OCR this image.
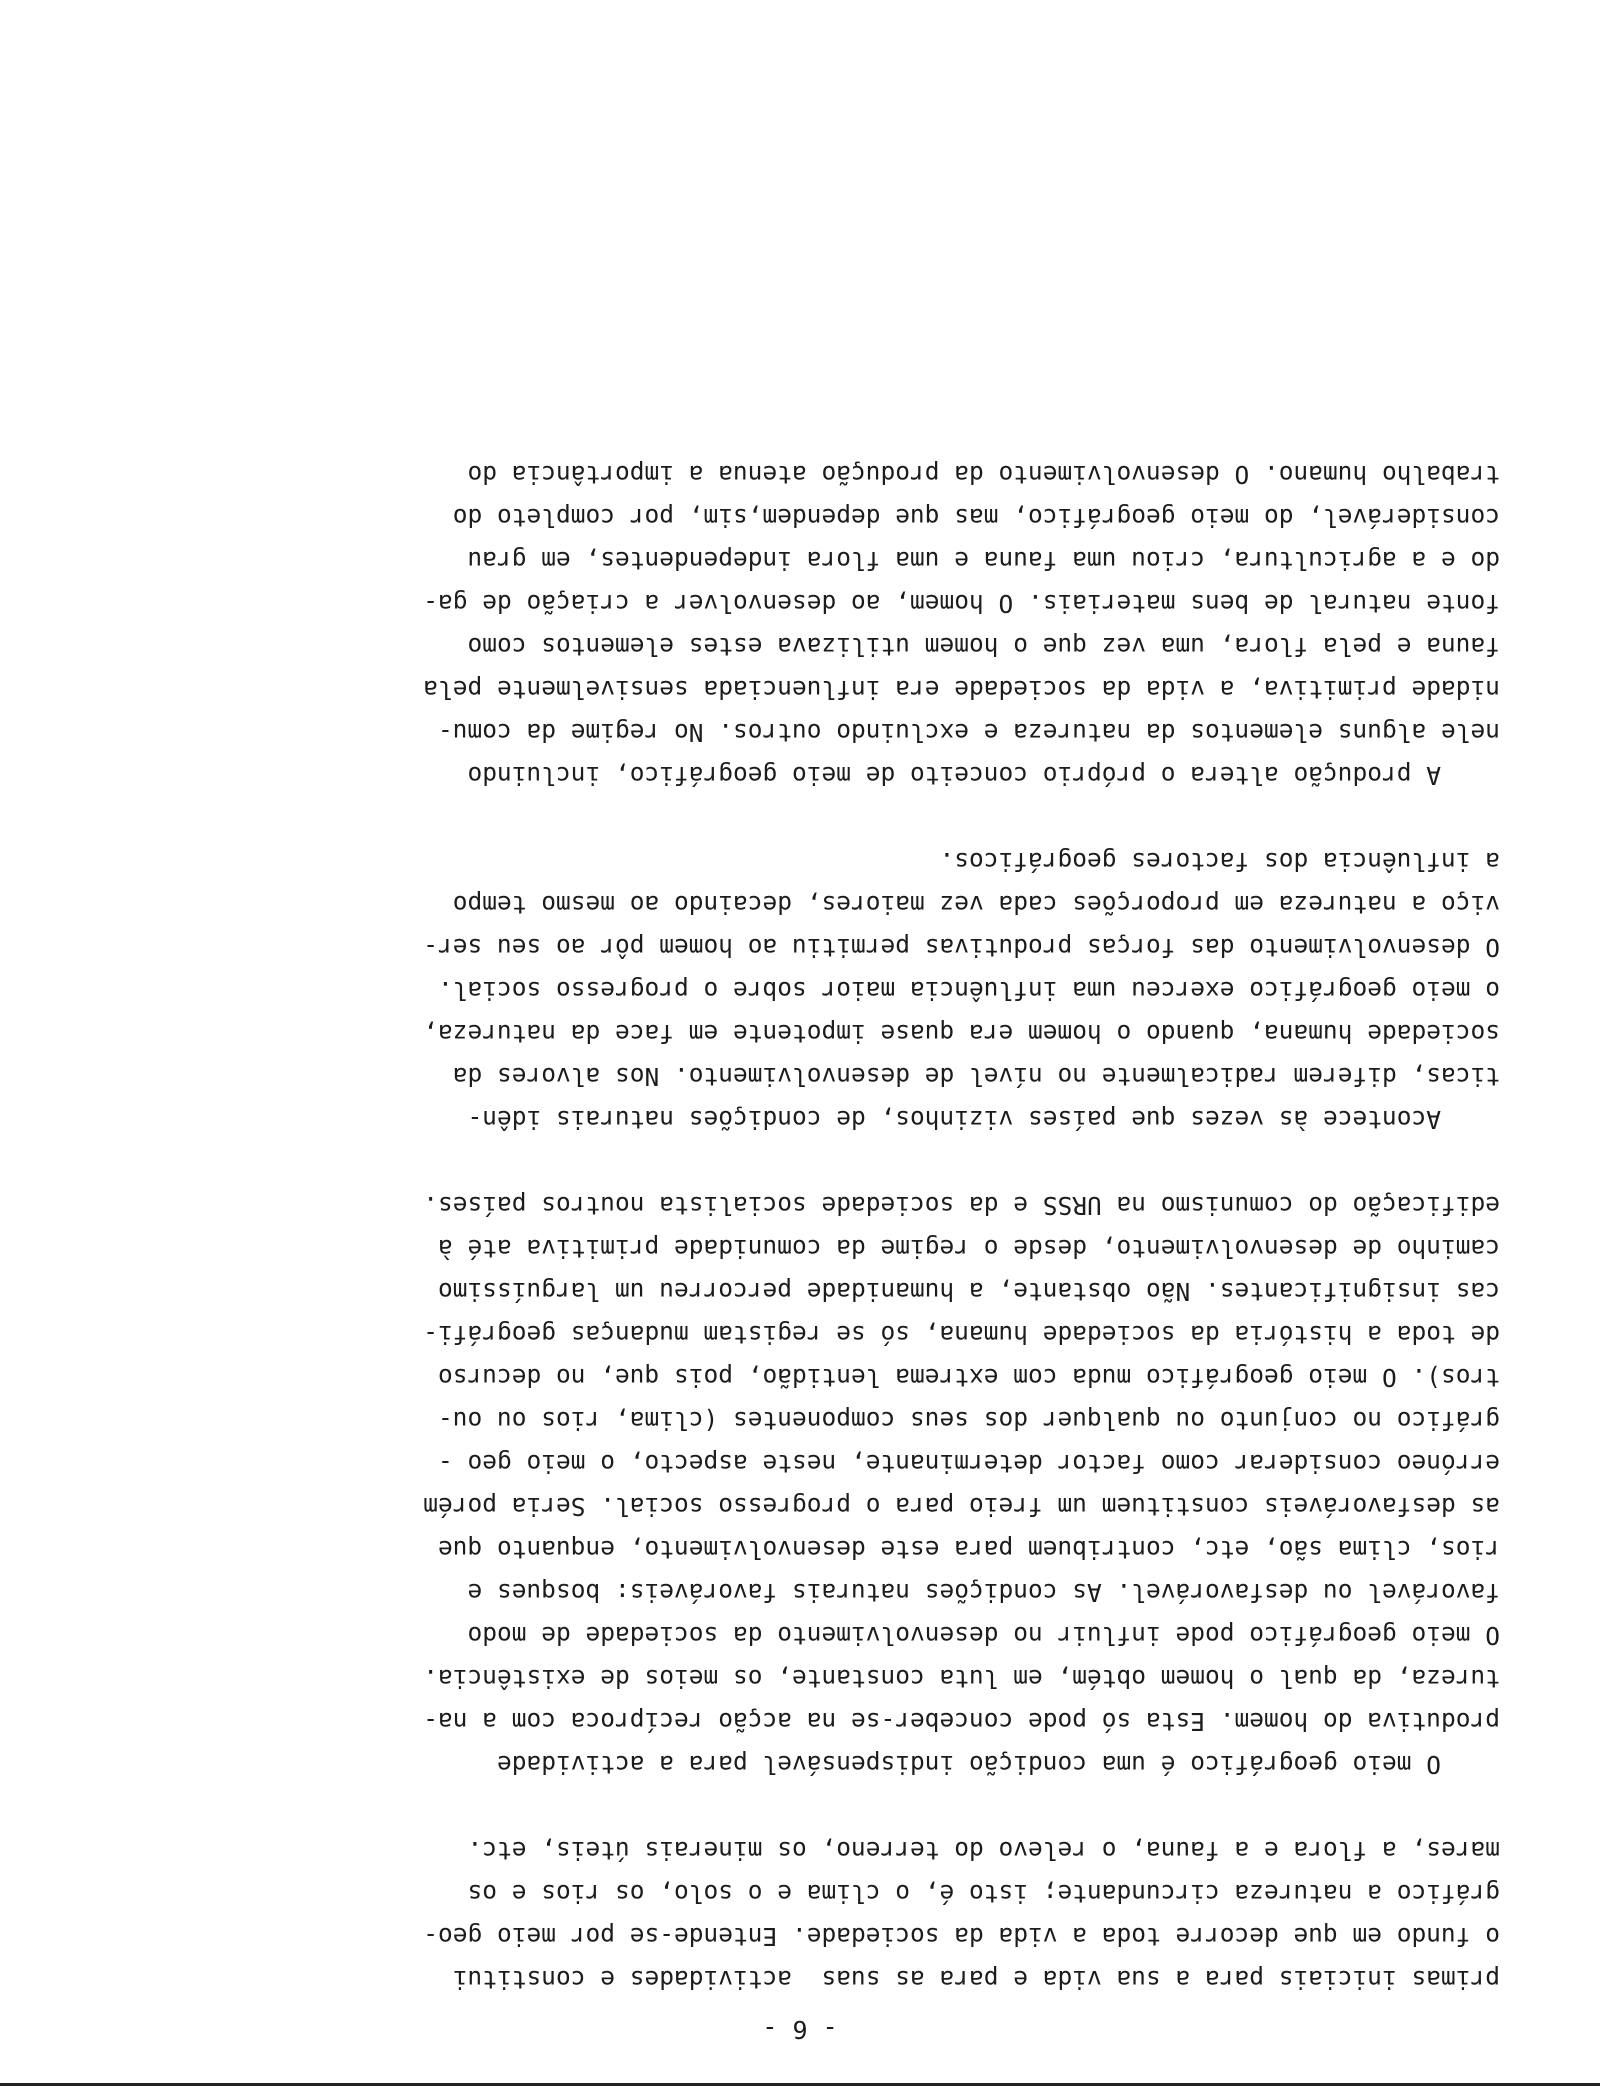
- 6 -
primas iniciais para a sua vida e para as suas  actividades e constitui
o fundo em que decorre toda a vida da sociedade. Entende-se por meio geo-
gráfico a natureza circundante; isto é, o clima e o solo, os rios e os
mares, a flora e a fauna, o relevo do terreno, os minerais úteis, etc.
O meio geográfico é uma condição indispensável para a actividade
produtiva do homem. Esta só pode conceber-se na acção recíproca com a na-
tureza, da qual o homem obtém, em luta constante, os meios de existência.
O meio geográfico pode influir no desenvolvimento da sociedade de modo
favorável ou desfavorável. As condições naturais favoráveis: bosques e
rios, clima são, etc, contribuem para este desenvolvimento, enquanto que
as desfavoráveis constituem um freio para o progresso social. Seria porém
erróneo considerar como factor determinante, neste aspecto, o meio geo -
gráfico no conjunto ou qualquer dos seus componentes (clima, rios ou ou-
tros). O meio geográfico muda com extrema lentidão, pois que, no decurso
de toda a história da sociedade humana, só se registam mudanças geográfi-
cas insignificantes. Não obstante, a humanidade percorreu um larguíssimo
caminho de desenvolvimento, desde o regime da comunidade primitiva até à
edificação do comunismo na URSS e da sociedade socialista noutros países.
Acontece às vezes que países vizinhos, de condições naturais idên-
ticas, diferem radicalmente no nível de desenvolvimento. Nos alvores da
sociedade humana, quando o homem era quase impotente em face da natureza,
o meio geográfico exerceu uma influência maior sobre o progresso social.
O desenvolvimento das forças produtivas permitiu ao homem pôr ao seu ser-
viço a natureza em proporções cada vez maiores, decaindo ao mesmo tempo
a influência dos factores geográficos.
A produção altera o próprio conceito de meio geográfico, incluindo
nele alguns elementos da natureza e excluindo outros. No regime da comu-
nidade primitiva, a vida da sociedade era influenciada sensivelmente pela
fauna e pela flora, uma vez que o homem utilizava estes elementos como
fonte natural de bens materiais. O homem, ao desenvolver a criação de ga-
do e a agricultura, criou uma fauna e uma flora independentes, em grau
considerável, do meio geográfico, mas que dependem,sim, por completo do
trabalho humano. O desenvolvimento da produção atenua a importância do
